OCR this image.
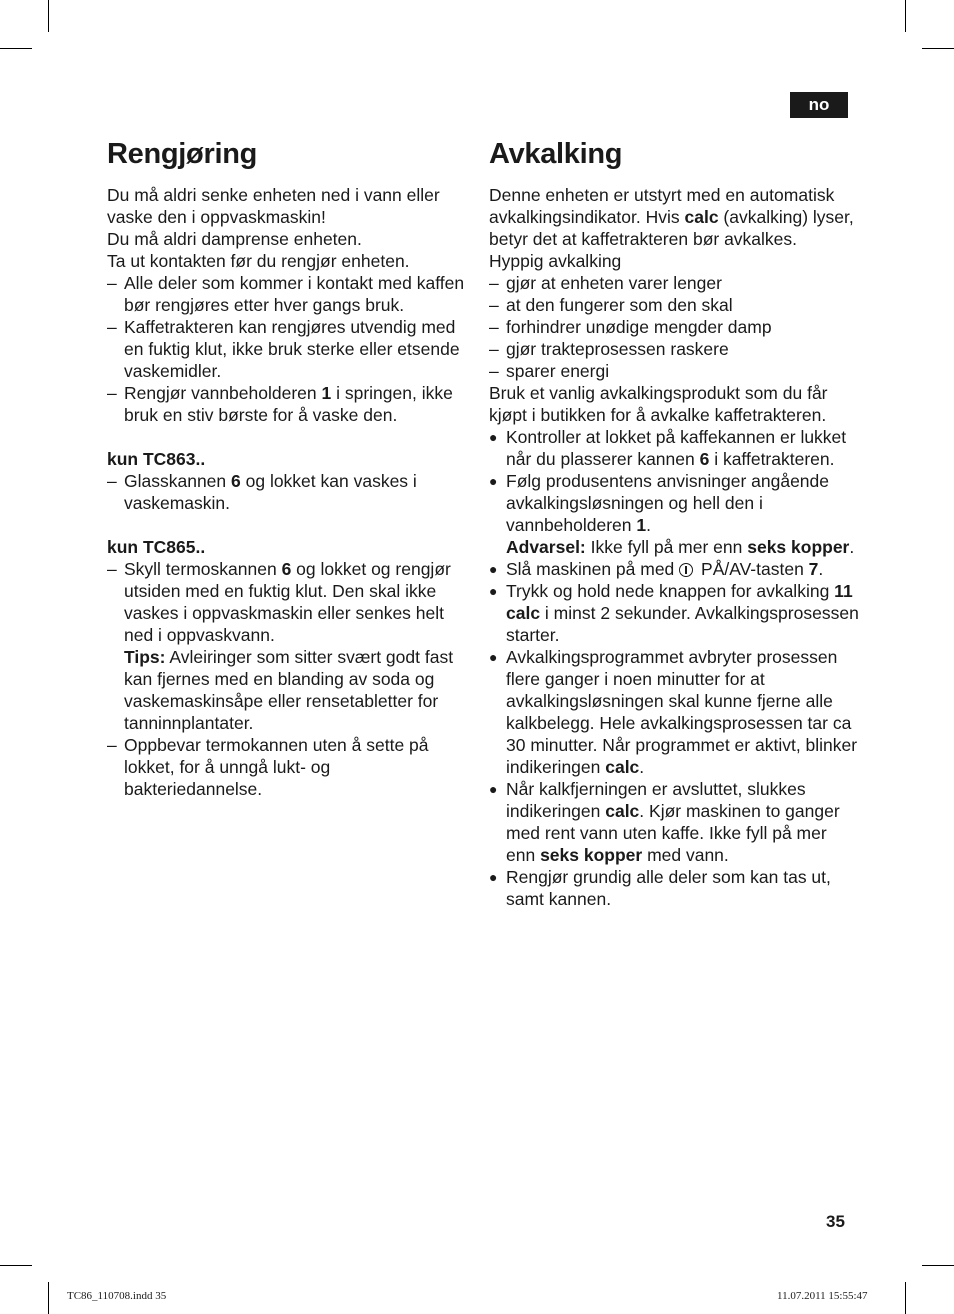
no
Rengjøring

Du må aldri senke enheten ned i vann eller vaske den i oppvaskmaskin!

Du må aldri damprense enheten.

Ta ut kontakten før du rengjør enheten.

– Alle deler som kommer i kontakt med kaffen bør rengjøres etter hver gangs bruk.
– Kaffetrakteren kan rengjøres utvendig med en fuktig klut, ikke bruk sterke eller etsende vaskemidler.
– Rengjør vannbeholderen 1 i springen, ikke bruk en stiv børste for å vaske den.

kun TC863..

– Glasskannen 6 og lokket kan vaskes i vaskemaskin.

kun TC865..

– Skyll termoskannen 6 og lokket og rengjør utsiden med en fuktig klut. Den skal ikke vaskes i oppvaskmaskin eller senkes helt ned i oppvaskvann.
Tips: Avleiringer som sitter svært godt fast kan fjernes med en blanding av soda og vaskemaskinsåpe eller rensetabletter for tanninnplantater.
– Oppbevar termokannen uten å sette på lokket, for å unngå lukt- og bakteriedannelse.
Avkalking

Denne enheten er utstyrt med en automatisk avkalkingsindikator. Hvis calc (avkalking) lyser, betyr det at kaffetrakteren bør avkalkes.

Hyppig avkalking

– gjør at enheten varer lenger
– at den fungerer som den skal
– forhindrer unødige mengder damp
– gjør trakteprosessen raskere
– sparer energi

Bruk et vanlig avkalkingsprodukt som du får kjøpt i butikken for å avkalke kaffetrakteren.

● Kontroller at lokket på kaffekannen er lukket når du plasserer kannen 6 i kaffetrakteren.
● Følg produsentens anvisninger angående avkalkingsløsningen og hell den i vannbeholderen 1.
Advarsel: Ikke fyll på mer enn seks kopper.
● Slå maskinen på med  PÅ/AV-tasten 7.
● Trykk og hold nede knappen for avkalking 11 calc i minst 2 sekunder. Avkalkingsprosessen starter.
● Avkalkingsprogrammet avbryter prosessen flere ganger i noen minutter for at avkalkingsløsningen skal kunne fjerne alle kalkbelegg. Hele avkalkingsprosessen tar ca 30 minutter. Når programmet er aktivt, blinker indikeringen calc.
● Når kalkfjerningen er avsluttet, slukkes indikeringen calc. Kjør maskinen to ganger med rent vann uten kaffe. Ikke fyll på mer enn seks kopper med vann.
● Rengjør grundig alle deler som kan tas ut, samt kannen.
35
TC86_110708.indd 35	11.07.2011 15:55:47
